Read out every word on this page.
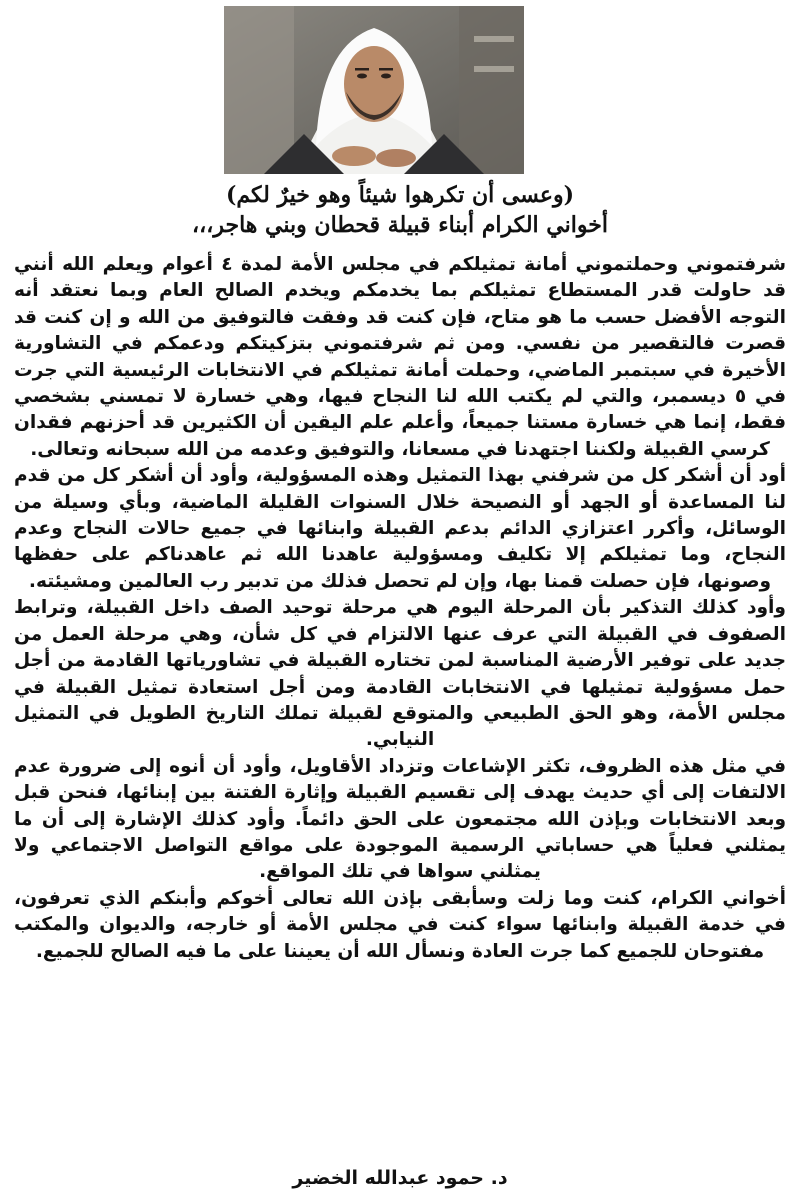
(وعسى أن تكرهوا شيئاً وهو خيرٌ لكم)

أخواني الكرام أبناء قبيلة قحطان وبني هاجر،،،

شرفتموني وحملتموني أمانة تمثيلكم في مجلس الأمة لمدة ٤ أعوام ويعلم الله أنني قد حاولت قدر المستطاع تمثيلكم بما يخدمكم ويخدم الصالح العام وبما نعتقد أنه التوجه الأفضل حسب ما هو متاح، فإن كنت قد وفقت فالتوفيق من الله و إن كنت قد قصرت فالتقصير من نفسي. ومن ثم شرفتموني بتزكيتكم ودعمكم في التشاورية الأخيرة في سبتمبر الماضي، وحملت أمانة تمثيلكم في الانتخابات الرئيسية التي جرت في ٥ ديسمبر، والتي لم يكتب الله لنا النجاح فيها، وهي خسارة لا تمسني بشخصي فقط، إنما هي خسارة مستنا جميعاً، وأعلم علم اليقين أن الكثيرين قد أحزنهم فقدان كرسي القبيلة ولكننا اجتهدنا في مسعانا، والتوفيق وعدمه من الله سبحانه وتعالى.

أود أن أشكر كل من شرفني بهذا التمثيل وهذه المسؤولية، وأود أن أشكر كل من قدم لنا المساعدة أو الجهد أو النصيحة خلال السنوات القليلة الماضية، وبأي وسيلة من الوسائل، وأكرر اعتزازي الدائم بدعم القبيلة وابنائها في جميع حالات النجاح وعدم النجاح، وما تمثيلكم إلا تكليف ومسؤولية عاهدنا الله ثم عاهدناكم على حفظها وصونها، فإن حصلت قمنا بها، وإن لم تحصل فذلك من تدبير رب العالمين ومشيئته.

وأود كذلك التذكير بأن المرحلة اليوم هي مرحلة توحيد الصف داخل القبيلة، وترابط الصفوف في القبيلة التي عرف عنها الالتزام في كل شأن، وهي مرحلة العمل من جديد على توفير الأرضية المناسبة لمن تختاره القبيلة في تشاورياتها القادمة من أجل حمل مسؤولية تمثيلها في الانتخابات القادمة ومن أجل استعادة تمثيل القبيلة في مجلس الأمة، وهو الحق الطبيعي والمتوقع لقبيلة تملك التاريخ الطويل في التمثيل النيابي.

في مثل هذه الظروف، تكثر الإشاعات وتزداد الأقاويل، وأود أن أنوه إلى ضرورة عدم الالتفات إلى أي حديث يهدف إلى تقسيم القبيلة وإثارة الفتنة بين إبنائها، فنحن قبل وبعد الانتخابات وبإذن الله مجتمعون على الحق دائماً. وأود كذلك الإشارة إلى أن ما يمثلني فعلياً هي حساباتي الرسمية الموجودة على مواقع التواصل الاجتماعي ولا يمثلني سواها في تلك المواقع.

أخواني الكرام، كنت وما زلت وسأبقى بإذن الله تعالى أخوكم وأبنكم الذي تعرفون، في خدمة القبيلة وابنائها سواء كنت في مجلس الأمة أو خارجه، والديوان والمكتب مفتوحان للجميع كما جرت العادة ونسأل الله أن يعيننا على ما فيه الصالح للجميع.

د. حمود عبدالله الخضير
